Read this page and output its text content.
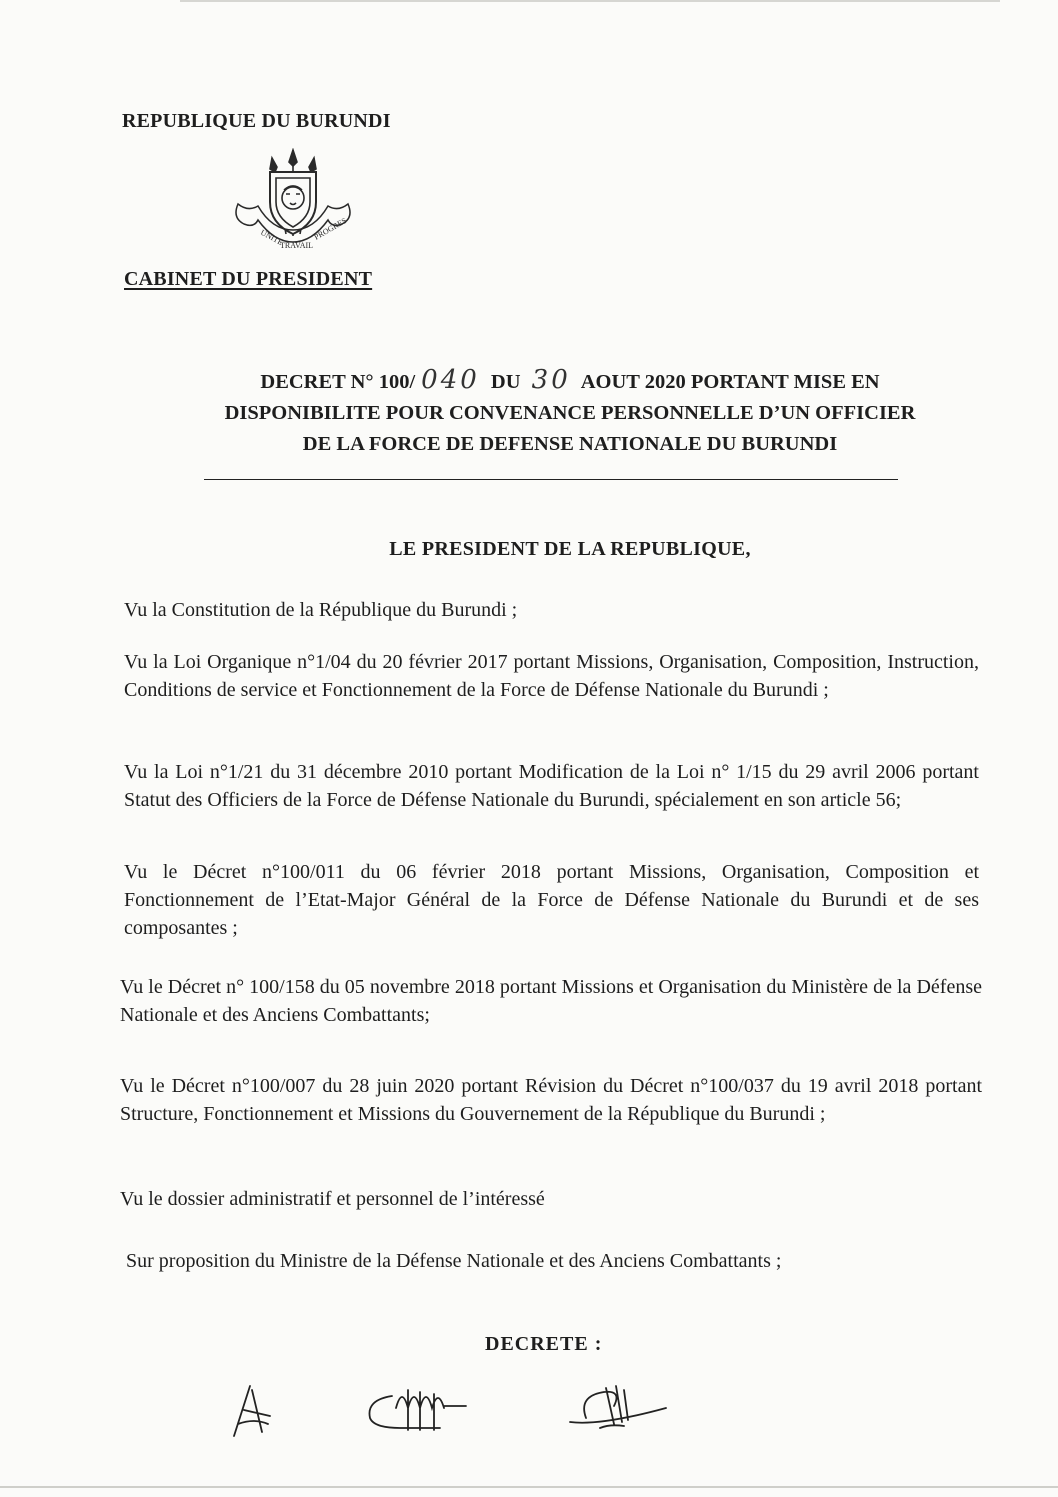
REPUBLIQUE DU BURUNDI
UNITE
TRAVAIL
PROGRES
CABINET DU PRESIDENT
DECRET N° 100/ 040 DU 30 AOUT 2020 PORTANT MISE EN
DISPONIBILITE POUR CONVENANCE PERSONNELLE D’UN OFFICIER
DE LA FORCE DE DEFENSE NATIONALE DU BURUNDI
LE PRESIDENT DE LA REPUBLIQUE,
Vu la Constitution de la République du Burundi ;
Vu la Loi Organique n°1/04 du 20 février 2017 portant Missions, Organisation, Composition, Instruction, Conditions de service et Fonctionnement de la Force de Défense Nationale du Burundi ;
Vu la Loi n°1/21 du 31 décembre 2010 portant Modification de la Loi n° 1/15 du 29 avril 2006 portant Statut des Officiers de la Force de Défense Nationale du Burundi, spécialement en son article 56;
Vu le Décret n°100/011 du 06 février 2018 portant Missions, Organisation, Composition et Fonctionnement de l’Etat-Major Général de la Force de Défense Nationale du Burundi et de ses composantes ;
Vu le Décret n° 100/158 du 05 novembre 2018 portant Missions et Organisation du Ministère de la Défense Nationale et des Anciens Combattants;
Vu le Décret n°100/007 du 28 juin 2020 portant Révision du Décret n°100/037 du 19 avril 2018 portant Structure, Fonctionnement et Missions du Gouvernement de la République du Burundi ;
Vu le dossier administratif et personnel de l’intéressé
Sur proposition du Ministre de la Défense Nationale et des Anciens Combattants ;
DECRETE :
